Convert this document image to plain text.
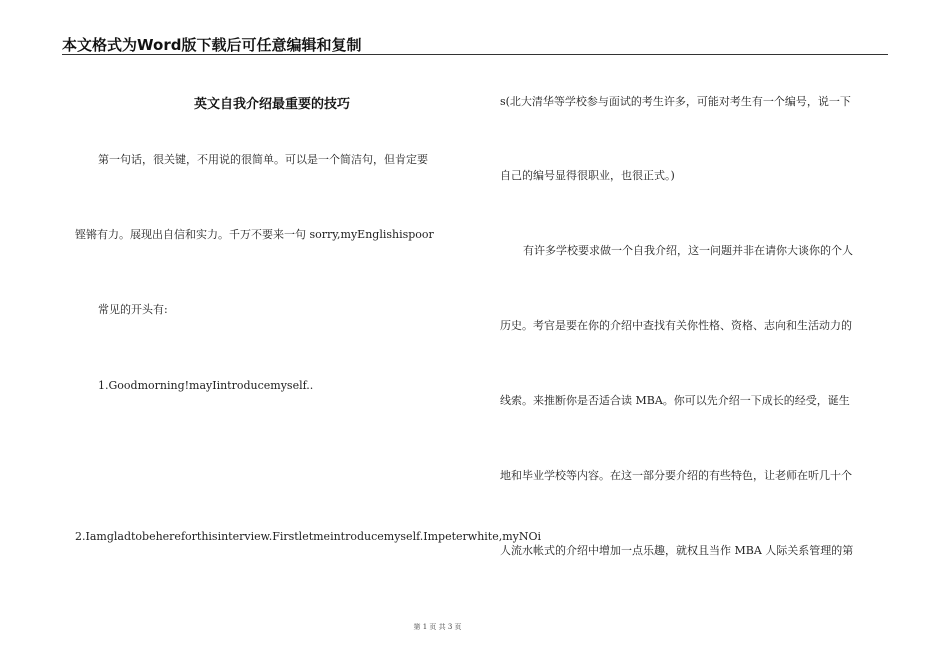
本文格式为Word版下载后可任意编辑和复制
英文自我介绍最重要的技巧
第一句话，很关键，不用说的很简单。可以是一个简洁句，但肯定要
铿锵有力。展现出自信和实力。千万不要来一句 sorry,myEnglishispoor
常见的开头有:
1.Goodmorning!mayIintroducemyself..
2.Iamgladtobehereforthisinterview.Firstletmeintroducemyself.Impeterwhite,myNOi
s(北大清华等学校参与面试的考生许多，可能对考生有一个编号，说一下
自己的编号显得很职业，也很正式。)
有许多学校要求做一个自我介绍，这一问题并非在请你大谈你的个人
历史。考官是要在你的介绍中查找有关你性格、资格、志向和生活动力的
线索。来推断你是否适合读 MBA。你可以先介绍一下成长的经受，诞生
地和毕业学校等内容。在这一部分要介绍的有些特色，让老师在听几十个
人流水帐式的介绍中增加一点乐趣，就权且当作 MBA 人际关系管理的第
第 1 页 共 3 页
